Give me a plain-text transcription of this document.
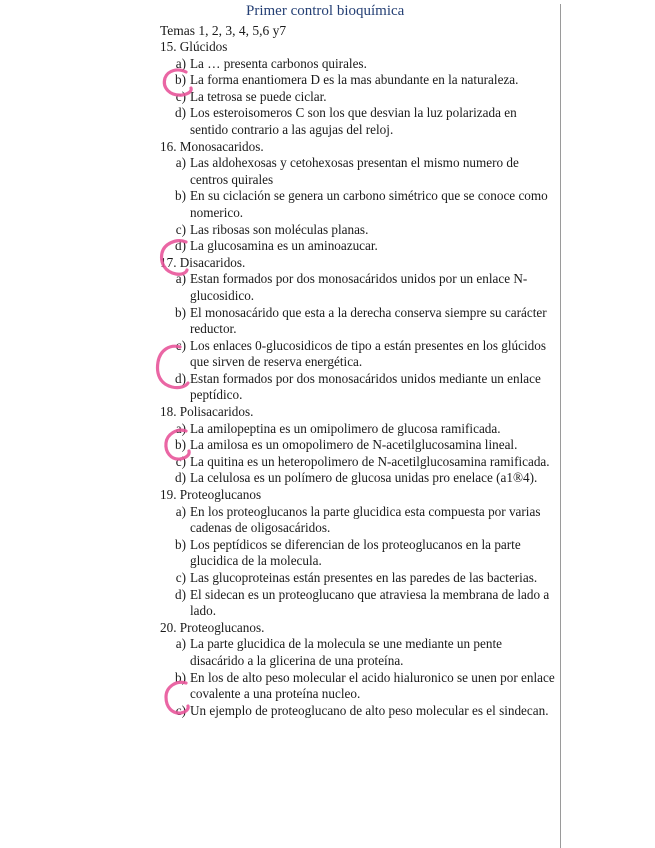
Primer control bioquímica
Temas 1, 2, 3, 4, 5,6 y7
15. Glúcidos
a) La … presenta carbonos quirales.
b) La forma enantiomera D es la mas abundante en la naturaleza.
c) La tetrosa se puede ciclar.
d) Los esteroisomeros C son los que desvian la luz polarizada en sentido contrario a las agujas del reloj.
16. Monosacaridos.
a) Las aldohexosas y cetohexosas presentan el mismo numero de centros quirales
b) En su ciclación se genera un carbono simétrico que se conoce como nomerico.
c) Las ribosas son moléculas planas.
d) La glucosamina es un aminoazucar.
17. Disacaridos.
a) Estan formados por dos monosacáridos unidos por un enlace N-glucosidico.
b) El monosacárido que esta a la derecha conserva siempre su carácter reductor.
c) Los enlaces 0-glucosidicos de tipo a están presentes en los glúcidos que sirven de reserva energética.
d) Estan formados por dos monosacáridos unidos mediante un enlace peptídico.
18. Polisacaridos.
a) La amilopeptina es un omipolimero de glucosa ramificada.
b) La amilosa es un omopolimero de N-acetilglucosamina lineal.
c) La quitina es un heteropolimero de N-acetilglucosamina ramificada.
d) La celulosa es un polímero de glucosa unidas pro enelace (a1®4).
19. Proteoglucanos
a) En los proteoglucanos la parte glucidica esta compuesta por varias cadenas de oligosacáridos.
b) Los peptídicos se diferencian de los proteoglucanos en la parte glucidica de la molecula.
c) Las glucoproteinas están presentes en las paredes de las bacterias.
d) El sidecan es un proteoglucano que atraviesa la membrana de lado a lado.
20. Proteoglucanos.
a) La parte glucidica de la molecula se une mediante un pente disacárido a la glicerina de una proteína.
b) En los de alto peso molecular el acido hialuronico se unen por enlace covalente a una proteína nucleo.
c) Un ejemplo de proteoglucano de alto peso molecular es el sindecan.
